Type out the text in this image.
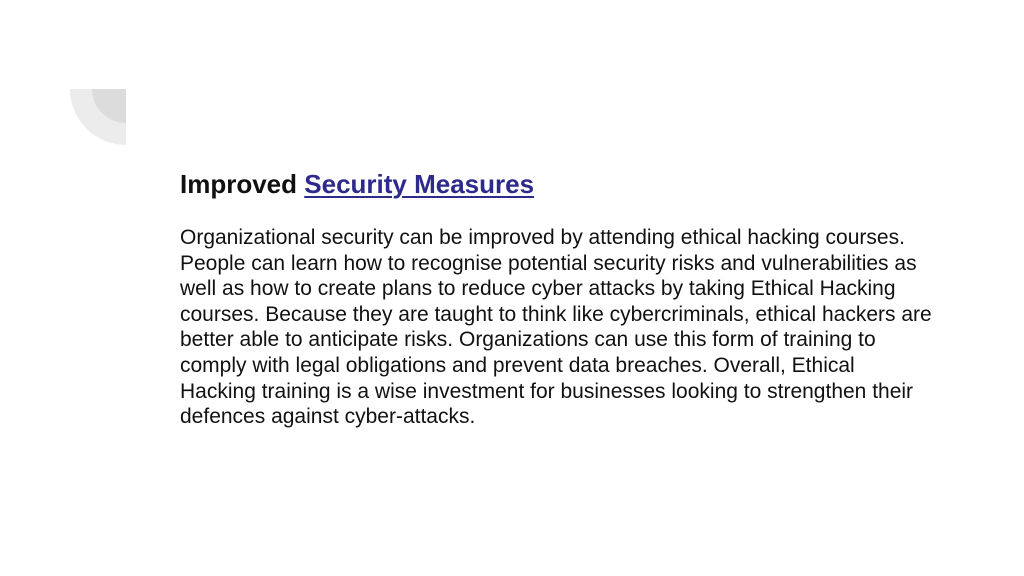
Improved Security Measures

Organizational security can be improved by attending ethical hacking courses. People can learn how to recognise potential security risks and vulnerabilities as well as how to create plans to reduce cyber attacks by taking Ethical Hacking courses. Because they are taught to think like cybercriminals, ethical hackers are better able to anticipate risks. Organizations can use this form of training to comply with legal obligations and prevent data breaches. Overall, Ethical Hacking training is a wise investment for businesses looking to strengthen their defences against cyber-attacks.
